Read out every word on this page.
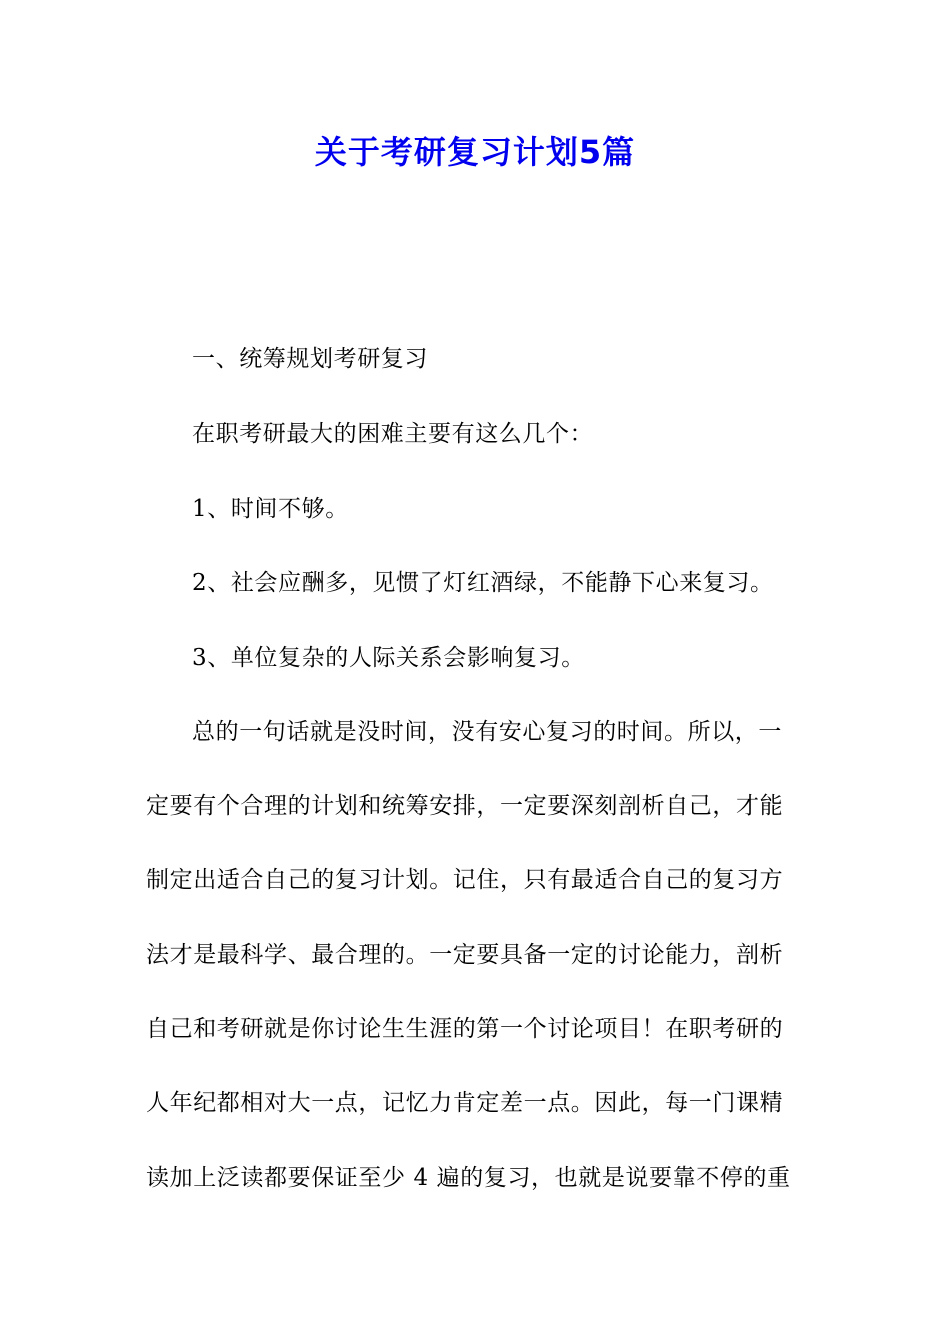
关于考研复习计划5篇
一、统筹规划考研复习
在职考研最大的困难主要有这么几个：
1、时间不够。
2、社会应酬多，见惯了灯红酒绿，不能静下心来复习。
3、单位复杂的人际关系会影响复习。
总的一句话就是没时间，没有安心复习的时间。所以，一
定要有个合理的计划和统筹安排，一定要深刻剖析自己，才能
制定出适合自己的复习计划。记住，只有最适合自己的复习方
法才是最科学、最合理的。一定要具备一定的讨论能力，剖析
自己和考研就是你讨论生生涯的第一个讨论项目！在职考研的
人年纪都相对大一点，记忆力肯定差一点。因此，每一门课精
读加上泛读都要保证至少 4 遍的复习，也就是说要靠不停的重
